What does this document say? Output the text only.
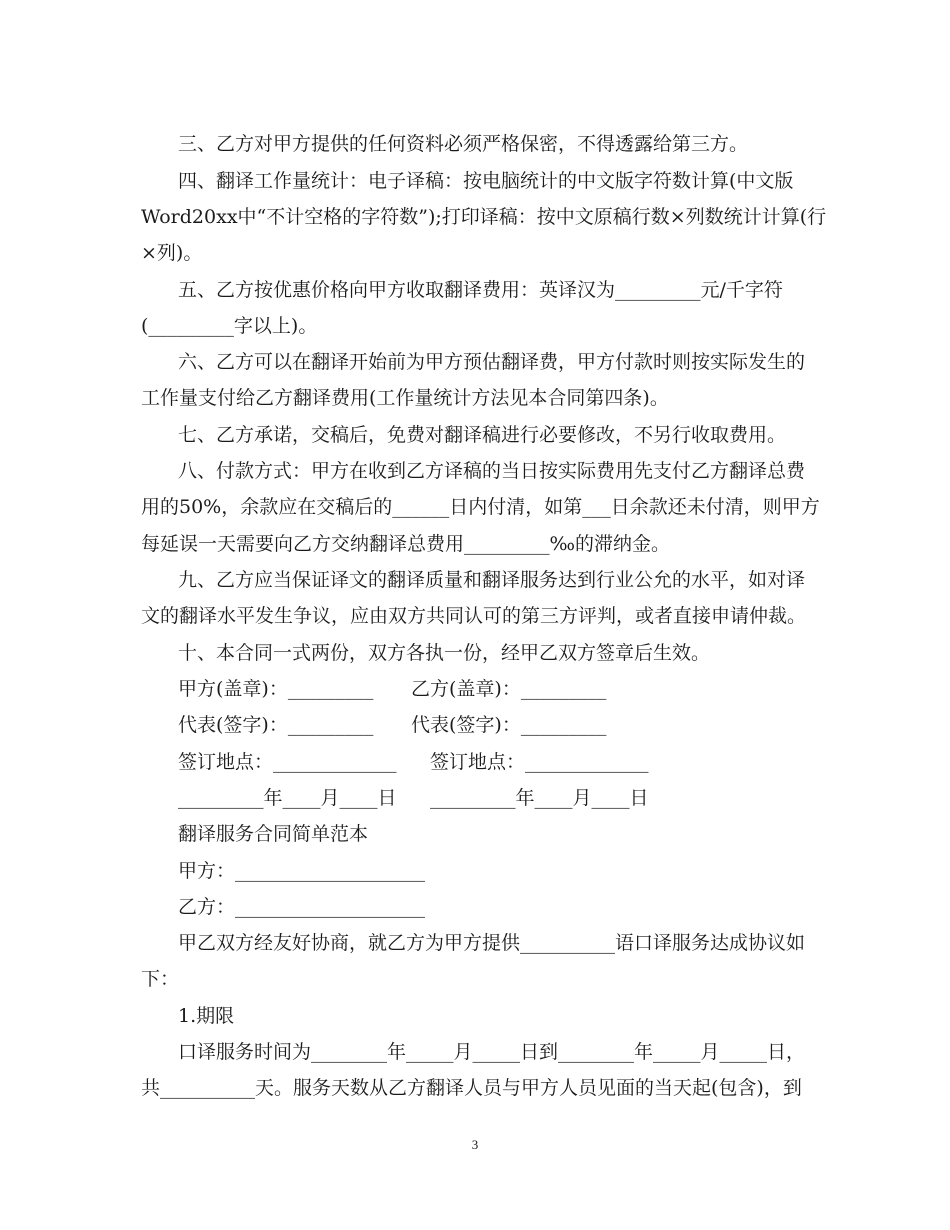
三、乙方对甲方提供的任何资料必须严格保密，不得透露给第三方。
四、翻译工作量统计：电子译稿：按电脑统计的中文版字符数计算(中文版
Word20xx中“不计空格的字符数”);打印译稿：按中文原稿行数×列数统计计算(行
×列)。
五、乙方按优惠价格向甲方收取翻译费用：英译汉为_________元/千字符
(_________字以上)。
六、乙方可以在翻译开始前为甲方预估翻译费，甲方付款时则按实际发生的
工作量支付给乙方翻译费用(工作量统计方法见本合同第四条)。
七、乙方承诺，交稿后，免费对翻译稿进行必要修改，不另行收取费用。
八、付款方式：甲方在收到乙方译稿的当日按实际费用先支付乙方翻译总费
用的50%，余款应在交稿后的______日内付清，如第___日余款还未付清，则甲方
每延误一天需要向乙方交纳翻译总费用_________‰的滞纳金。
九、乙方应当保证译文的翻译质量和翻译服务达到行业公允的水平，如对译
文的翻译水平发生争议，应由双方共同认可的第三方评判，或者直接申请仲裁。
十、本合同一式两份，双方各执一份，经甲乙双方签章后生效。
甲方(盖章)：_________ 乙方(盖章)：_________
代表(签字)：_________ 代表(签字)：_________
签订地点：_____________ 签订地点：_____________
_________年____月____日 _________年____月____日
翻译服务合同简单范本
甲方：____________________
乙方：____________________
甲乙双方经友好协商，就乙方为甲方提供__________语口译服务达成协议如
下：
1.期限
口译服务时间为________年_____月_____日到________年_____月_____日，
共__________天。服务天数从乙方翻译人员与甲方人员见面的当天起(包含)，到
3
